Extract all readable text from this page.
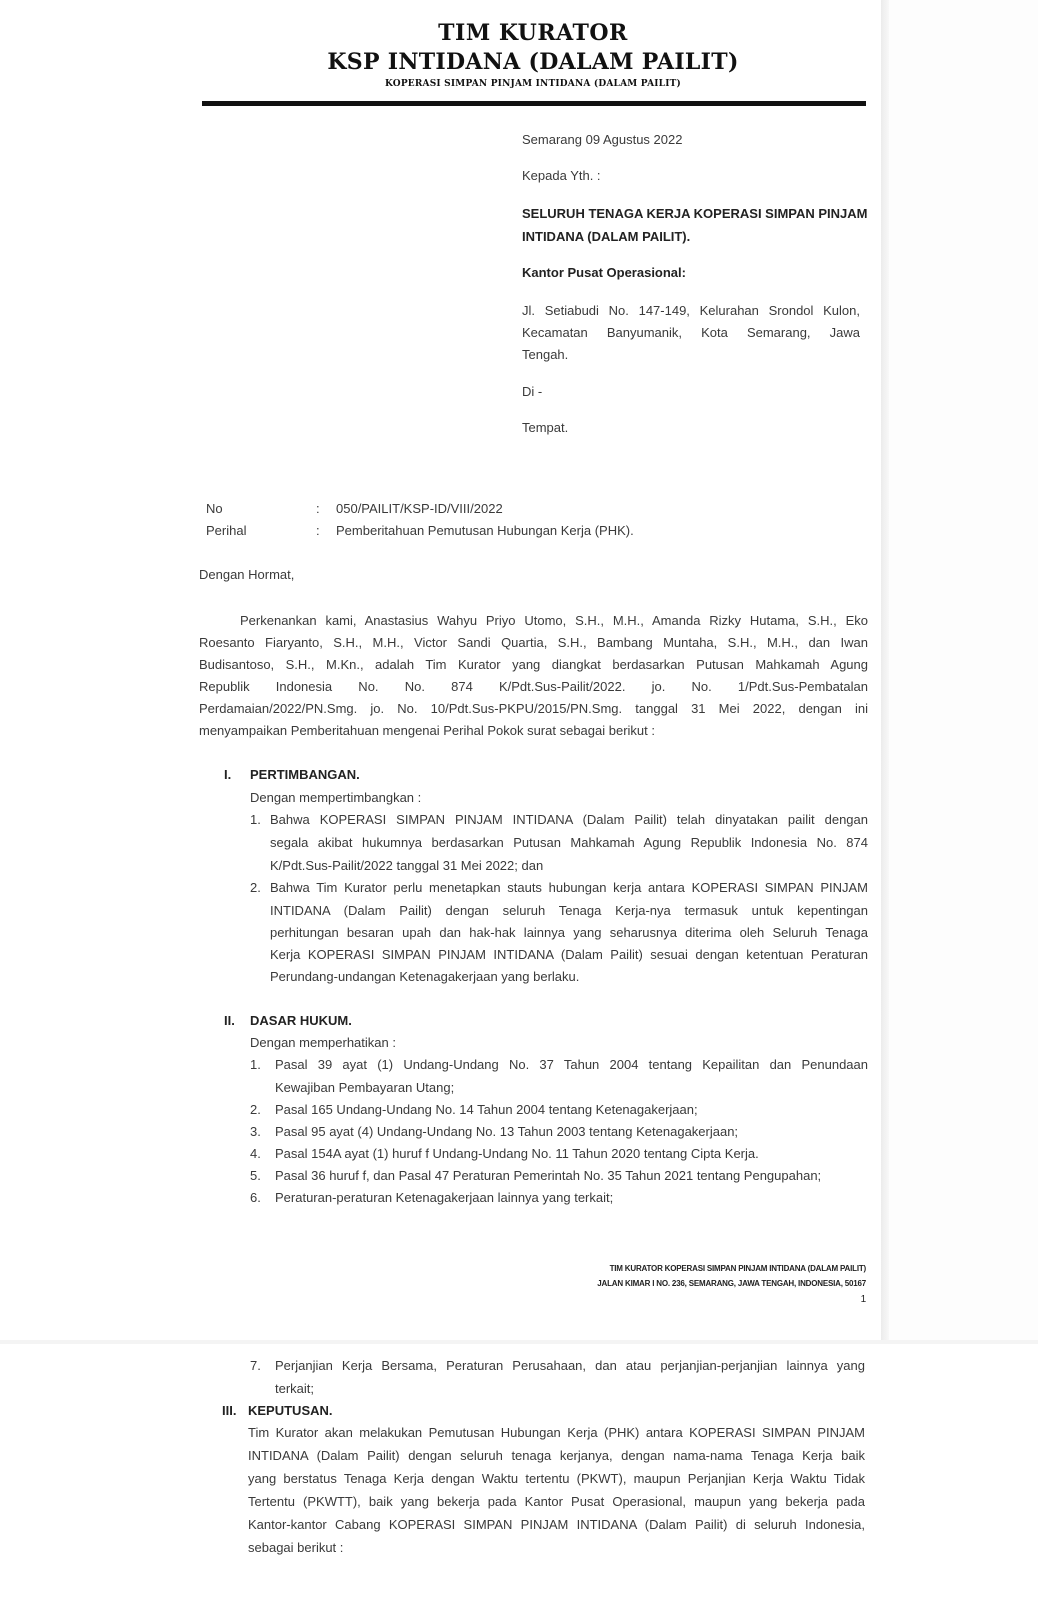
TIM KURATOR
KSP INTIDANA (DALAM PAILIT)
KOPERASI SIMPAN PINJAM INTIDANA (DALAM PAILIT)
Semarang 09 Agustus 2022
Kepada Yth. :
SELURUH TENAGA KERJA KOPERASI SIMPAN PINJAM
INTIDANA (DALAM PAILIT).
Kantor Pusat Operasional:
Jl. Setiabudi No. 147-149, Kelurahan Srondol Kulon,
Kecamatan Banyumanik, Kota Semarang, Jawa
Tengah.
Di -
Tempat.
No	: 050/PAILIT/KSP-ID/VIII/2022
Perihal	: Pemberitahuan Pemutusan Hubungan Kerja (PHK).
Dengan Hormat,
Perkenankan kami, Anastasius Wahyu Priyo Utomo, S.H., M.H., Amanda Rizky Hutama, S.H., Eko
Roesanto Fiaryanto, S.H., M.H., Victor Sandi Quartia, S.H., Bambang Muntaha, S.H., M.H., dan Iwan
Budisantoso, S.H., M.Kn., adalah Tim Kurator yang diangkat berdasarkan Putusan Mahkamah Agung
Republik Indonesia No. No. 874 K/Pdt.Sus-Pailit/2022. jo. No. 1/Pdt.Sus-Pembatalan
Perdamaian/2022/PN.Smg. jo. No. 10/Pdt.Sus-PKPU/2015/PN.Smg. tanggal 31 Mei 2022, dengan ini
menyampaikan Pemberitahuan mengenai Perihal Pokok surat sebagai berikut :
I. PERTIMBANGAN.
Dengan mempertimbangkan :
1. Bahwa KOPERASI SIMPAN PINJAM INTIDANA (Dalam Pailit) telah dinyatakan pailit dengan
segala akibat hukumnya berdasarkan Putusan Mahkamah Agung Republik Indonesia No. 874
K/Pdt.Sus-Pailit/2022 tanggal 31 Mei 2022; dan
2. Bahwa Tim Kurator perlu menetapkan stauts hubungan kerja antara KOPERASI SIMPAN PINJAM
INTIDANA (Dalam Pailit) dengan seluruh Tenaga Kerja-nya termasuk untuk kepentingan
perhitungan besaran upah dan hak-hak lainnya yang seharusnya diterima oleh Seluruh Tenaga
Kerja KOPERASI SIMPAN PINJAM INTIDANA (Dalam Pailit) sesuai dengan ketentuan Peraturan
Perundang-undangan Ketenagakerjaan yang berlaku.
II. DASAR HUKUM.
Dengan memperhatikan :
1. Pasal 39 ayat (1) Undang-Undang No. 37 Tahun 2004 tentang Kepailitan dan Penundaan
Kewajiban Pembayaran Utang;
2. Pasal 165 Undang-Undang No. 14 Tahun 2004 tentang Ketenagakerjaan;
3. Pasal 95 ayat (4) Undang-Undang No. 13 Tahun 2003 tentang Ketenagakerjaan;
4. Pasal 154A ayat (1) huruf f Undang-Undang No. 11 Tahun 2020 tentang Cipta Kerja.
5. Pasal 36 huruf f, dan Pasal 47 Peraturan Pemerintah No. 35 Tahun 2021 tentang Pengupahan;
6. Peraturan-peraturan Ketenagakerjaan lainnya yang terkait;
TIM KURATOR KOPERASI SIMPAN PINJAM INTIDANA (DALAM PAILIT)
JALAN KIMAR I NO. 236, SEMARANG, JAWA TENGAH, INDONESIA, 50167
1
7. Perjanjian Kerja Bersama, Peraturan Perusahaan, dan atau perjanjian-perjanjian lainnya yang
terkait;
III. KEPUTUSAN.
Tim Kurator akan melakukan Pemutusan Hubungan Kerja (PHK) antara KOPERASI SIMPAN PINJAM
INTIDANA (Dalam Pailit) dengan seluruh tenaga kerjanya, dengan nama-nama Tenaga Kerja baik
yang berstatus Tenaga Kerja dengan Waktu tertentu (PKWT), maupun Perjanjian Kerja Waktu Tidak
Tertentu (PKWTT), baik yang bekerja pada Kantor Pusat Operasional, maupun yang bekerja pada
Kantor-kantor Cabang KOPERASI SIMPAN PINJAM INTIDANA (Dalam Pailit) di seluruh Indonesia,
sebagai berikut :
